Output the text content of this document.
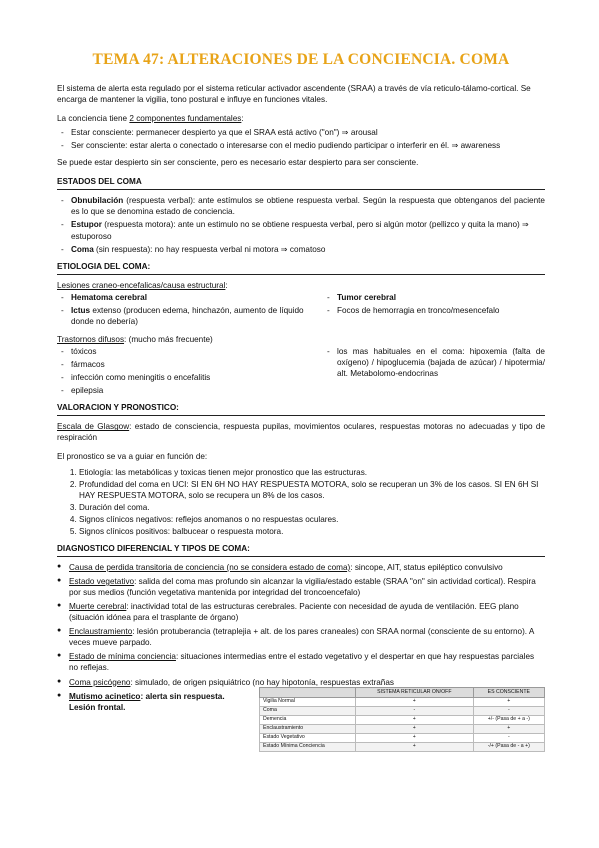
TEMA 47: ALTERACIONES DE LA CONCIENCIA. COMA

El sistema de alerta esta regulado por el sistema reticular activador ascendente (SRAA) a través de vía reticulo-tálamo-cortical. Se encarga de mantener la vigilia, tono postural e influye en funciones vitales.

La conciencia tiene 2 componentes fundamentales:

- Estar consciente: permanecer despierto ya que el SRAA está activo ("on") ⇒ arousal
- Ser consciente: estar alerta o conectado o interesarse con el medio pudiendo participar o interferir en él. ⇒ awareness

Se puede estar despierto sin ser consciente, pero es necesario estar despierto para ser consciente.

ESTADOS DEL COMA
- Obnubilación (respuesta verbal): ante estímulos se obtiene respuesta verbal. Según la respuesta que obtenganos del paciente es lo que se denomina estado de conciencia.
- Estupor (respuesta motora): ante un estimulo no se obtiene respuesta verbal, pero si algún motor (pellizco y quita la mano) ⇒ estuporoso
- Coma (sin respuesta): no hay respuesta verbal ni motora ⇒ comatoso
ETIOLOGIA DEL COMA:

Lesiones craneo-encefalicas/causa estructural:

- Hematoma cerebral
- Ictus extenso (producen edema, hinchazón, aumento de líquido donde no debería)
- Tumor cerebral
- Focos de hemorragia en tronco/mesencefalo

Trastornos difusos: (mucho más frecuente)

- tóxicos
- fármacos
- infección como meningitis o encefalitis
- epilepsia
- los mas habituales en el coma: hipoxemia (falta de oxígeno) / hipoglucemia (bajada de azúcar) / hipotermia/ alt. Metabolomo-endocrinas
VALORACION Y PRONOSTICO:

Escala de Glasgow: estado de consciencia, respuesta pupilas, movimientos oculares, respuestas motoras no adecuadas y tipo de respiración

El pronostico se va a guiar en función de:

1. Etiología: las metabólicas y toxicas tienen mejor pronostico que las estructuras.
2. Profundidad del coma en UCI: SI EN 6H NO HAY RESPUESTA MOTORA, solo se recuperan un 3% de los casos. SI EN 6H SI HAY RESPUESTA MOTORA, solo se recupera un 8% de los casos.
3. Duración del coma.
4. Signos clínicos negativos: reflejos anomanos o no respuestas oculares.
5. Signos clínicos positivos: balbucear o respuesta motora.
DIAGNOSTICO DIFERENCIAL Y TIPOS DE COMA:
● Causa de perdida transitoria de conciencia (no se considera estado de coma): sincope, AIT, status epiléptico convulsivo
● Estado vegetativo: salida del coma mas profundo sin alcanzar la vigilia/estado estable (SRAA "on" sin actividad cortical). Respira por sus medios (función vegetativa mantenida por integridad del troncoencefalo)
● Muerte cerebral: inactividad total de las estructuras cerebrales. Paciente con necesidad de ayuda de ventilación. EEG plano (situación idónea para el trasplante de órgano)
● Enclaustramiento: lesión protuberancia (tetraplejia + alt. de los pares craneales) con SRAA normal (consciente de su entorno). A veces mueve parpado.
● Estado de mínima conciencia: situaciones intermedias entre el estado vegetativo y el despertar en que hay respuestas parciales no reflejas.
● Coma psicógeno: simulado, de origen psiquiátrico (no hay hipotonía, respuestas extrañas
● Mutismo acinetico: alerta sin respuesta. Lesión frontal.
	SISTEMA RETICULAR ON/OFF	ES CONSCIENTE
Vigilia Normal	+	+
Coma	-	-
Demencia	+	+/- (Pasa de + a -)
Enclaustramiento	+	+
Estado Vegetativo	+	-
Estado Mínima Conciencia	+	-/+ (Pasa de - a +)
